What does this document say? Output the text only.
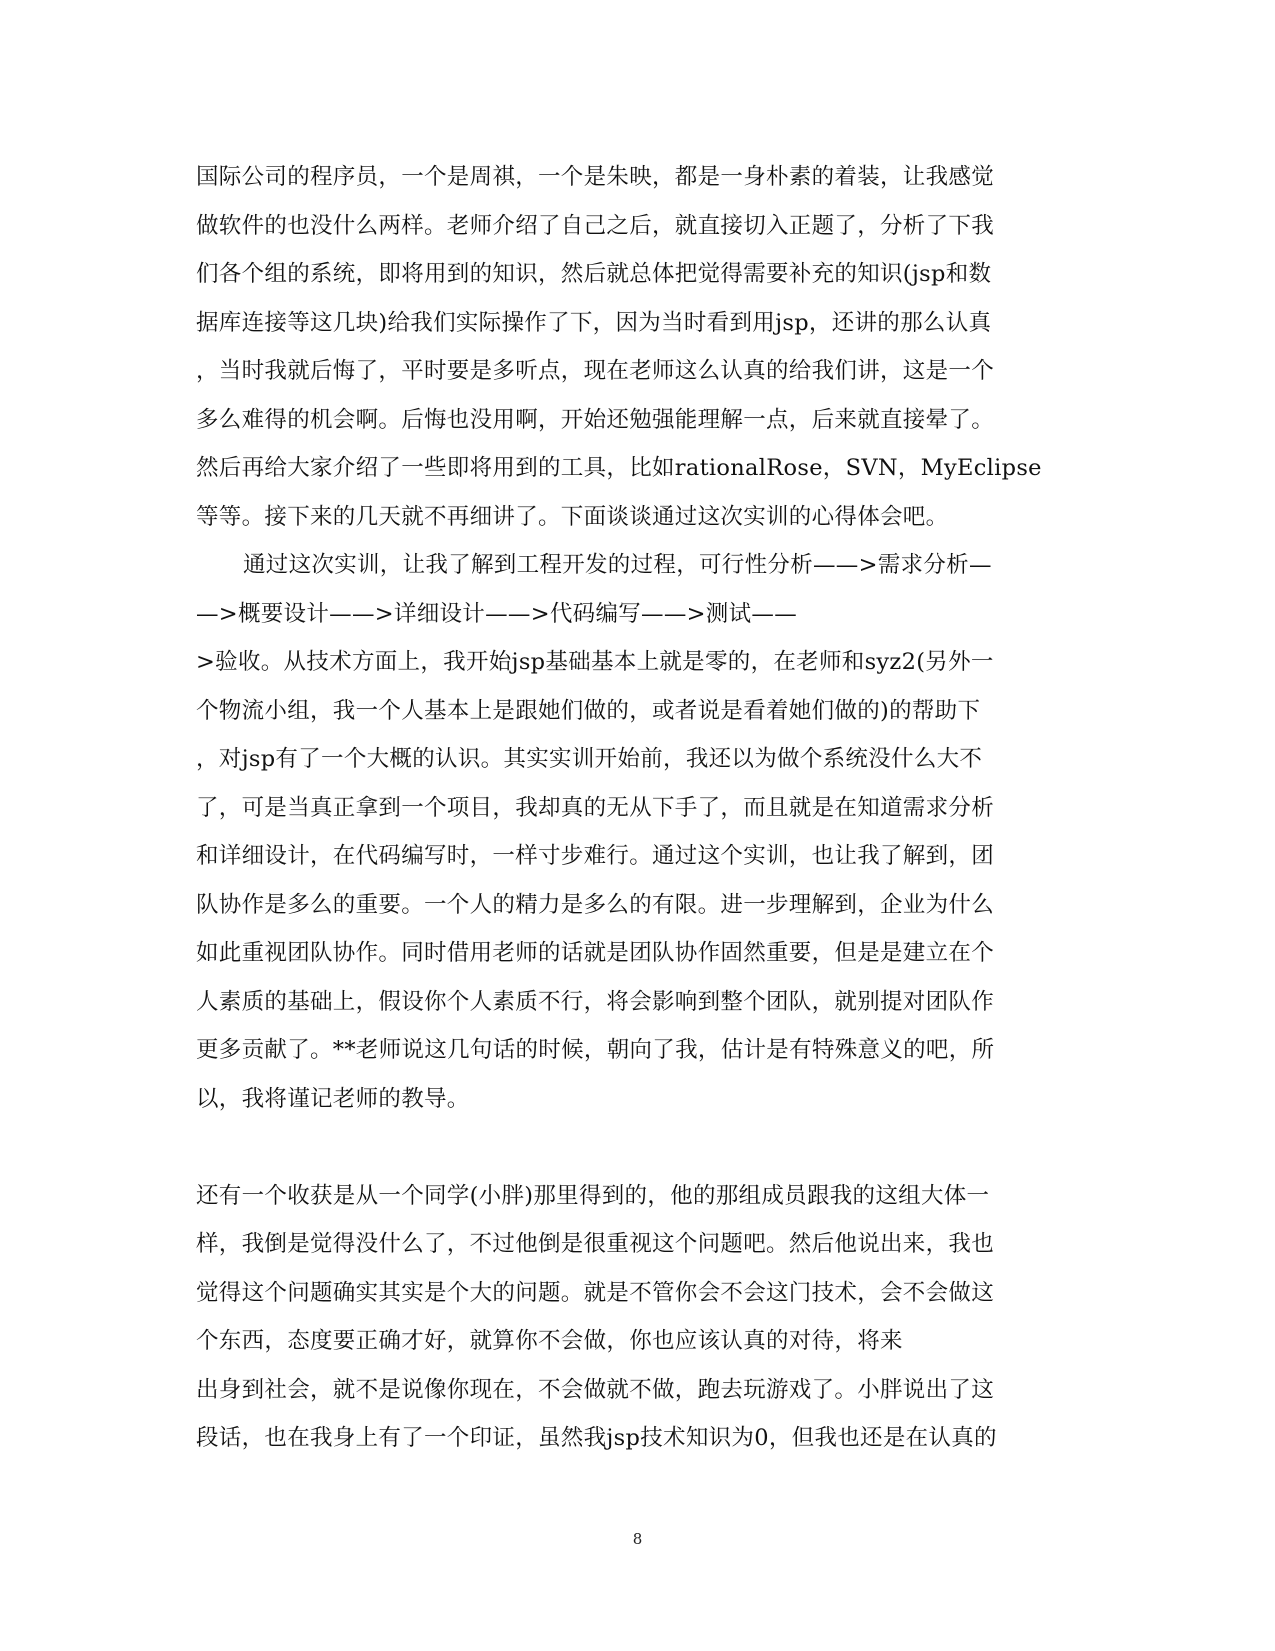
国际公司的程序员，一个是周祺，一个是朱映，都是一身朴素的着装，让我感觉
做软件的也没什么两样。老师介绍了自己之后，就直接切入正题了，分析了下我
们各个组的系统，即将用到的知识，然后就总体把觉得需要补充的知识(jsp和数
据库连接等这几块)给我们实际操作了下，因为当时看到用jsp，还讲的那么认真
，当时我就后悔了，平时要是多听点，现在老师这么认真的给我们讲，这是一个
多么难得的机会啊。后悔也没用啊，开始还勉强能理解一点，后来就直接晕了。
然后再给大家介绍了一些即将用到的工具，比如rationalRose，SVN，MyEclipse
等等。接下来的几天就不再细讲了。下面谈谈通过这次实训的心得体会吧。
通过这次实训，让我了解到工程开发的过程，可行性分析——>需求分析—
—>概要设计——>详细设计——>代码编写——>测试——
>验收。从技术方面上，我开始jsp基础基本上就是零的，在老师和syz2(另外一
个物流小组，我一个人基本上是跟她们做的，或者说是看着她们做的)的帮助下
，对jsp有了一个大概的认识。其实实训开始前，我还以为做个系统没什么大不
了，可是当真正拿到一个项目，我却真的无从下手了，而且就是在知道需求分析
和详细设计，在代码编写时，一样寸步难行。通过这个实训，也让我了解到，团
队协作是多么的重要。一个人的精力是多么的有限。进一步理解到，企业为什么
如此重视团队协作。同时借用老师的话就是团队协作固然重要，但是是建立在个
人素质的基础上，假设你个人素质不行，将会影响到整个团队，就别提对团队作
更多贡献了。**老师说这几句话的时候，朝向了我，估计是有特殊意义的吧，所
以，我将谨记老师的教导。
还有一个收获是从一个同学(小胖)那里得到的，他的那组成员跟我的这组大体一
样，我倒是觉得没什么了，不过他倒是很重视这个问题吧。然后他说出来，我也
觉得这个问题确实其实是个大的问题。就是不管你会不会这门技术，会不会做这
个东西，态度要正确才好，就算你不会做，你也应该认真的对待，将来
出身到社会，就不是说像你现在，不会做就不做，跑去玩游戏了。小胖说出了这
段话，也在我身上有了一个印证，虽然我jsp技术知识为0，但我也还是在认真的
8
